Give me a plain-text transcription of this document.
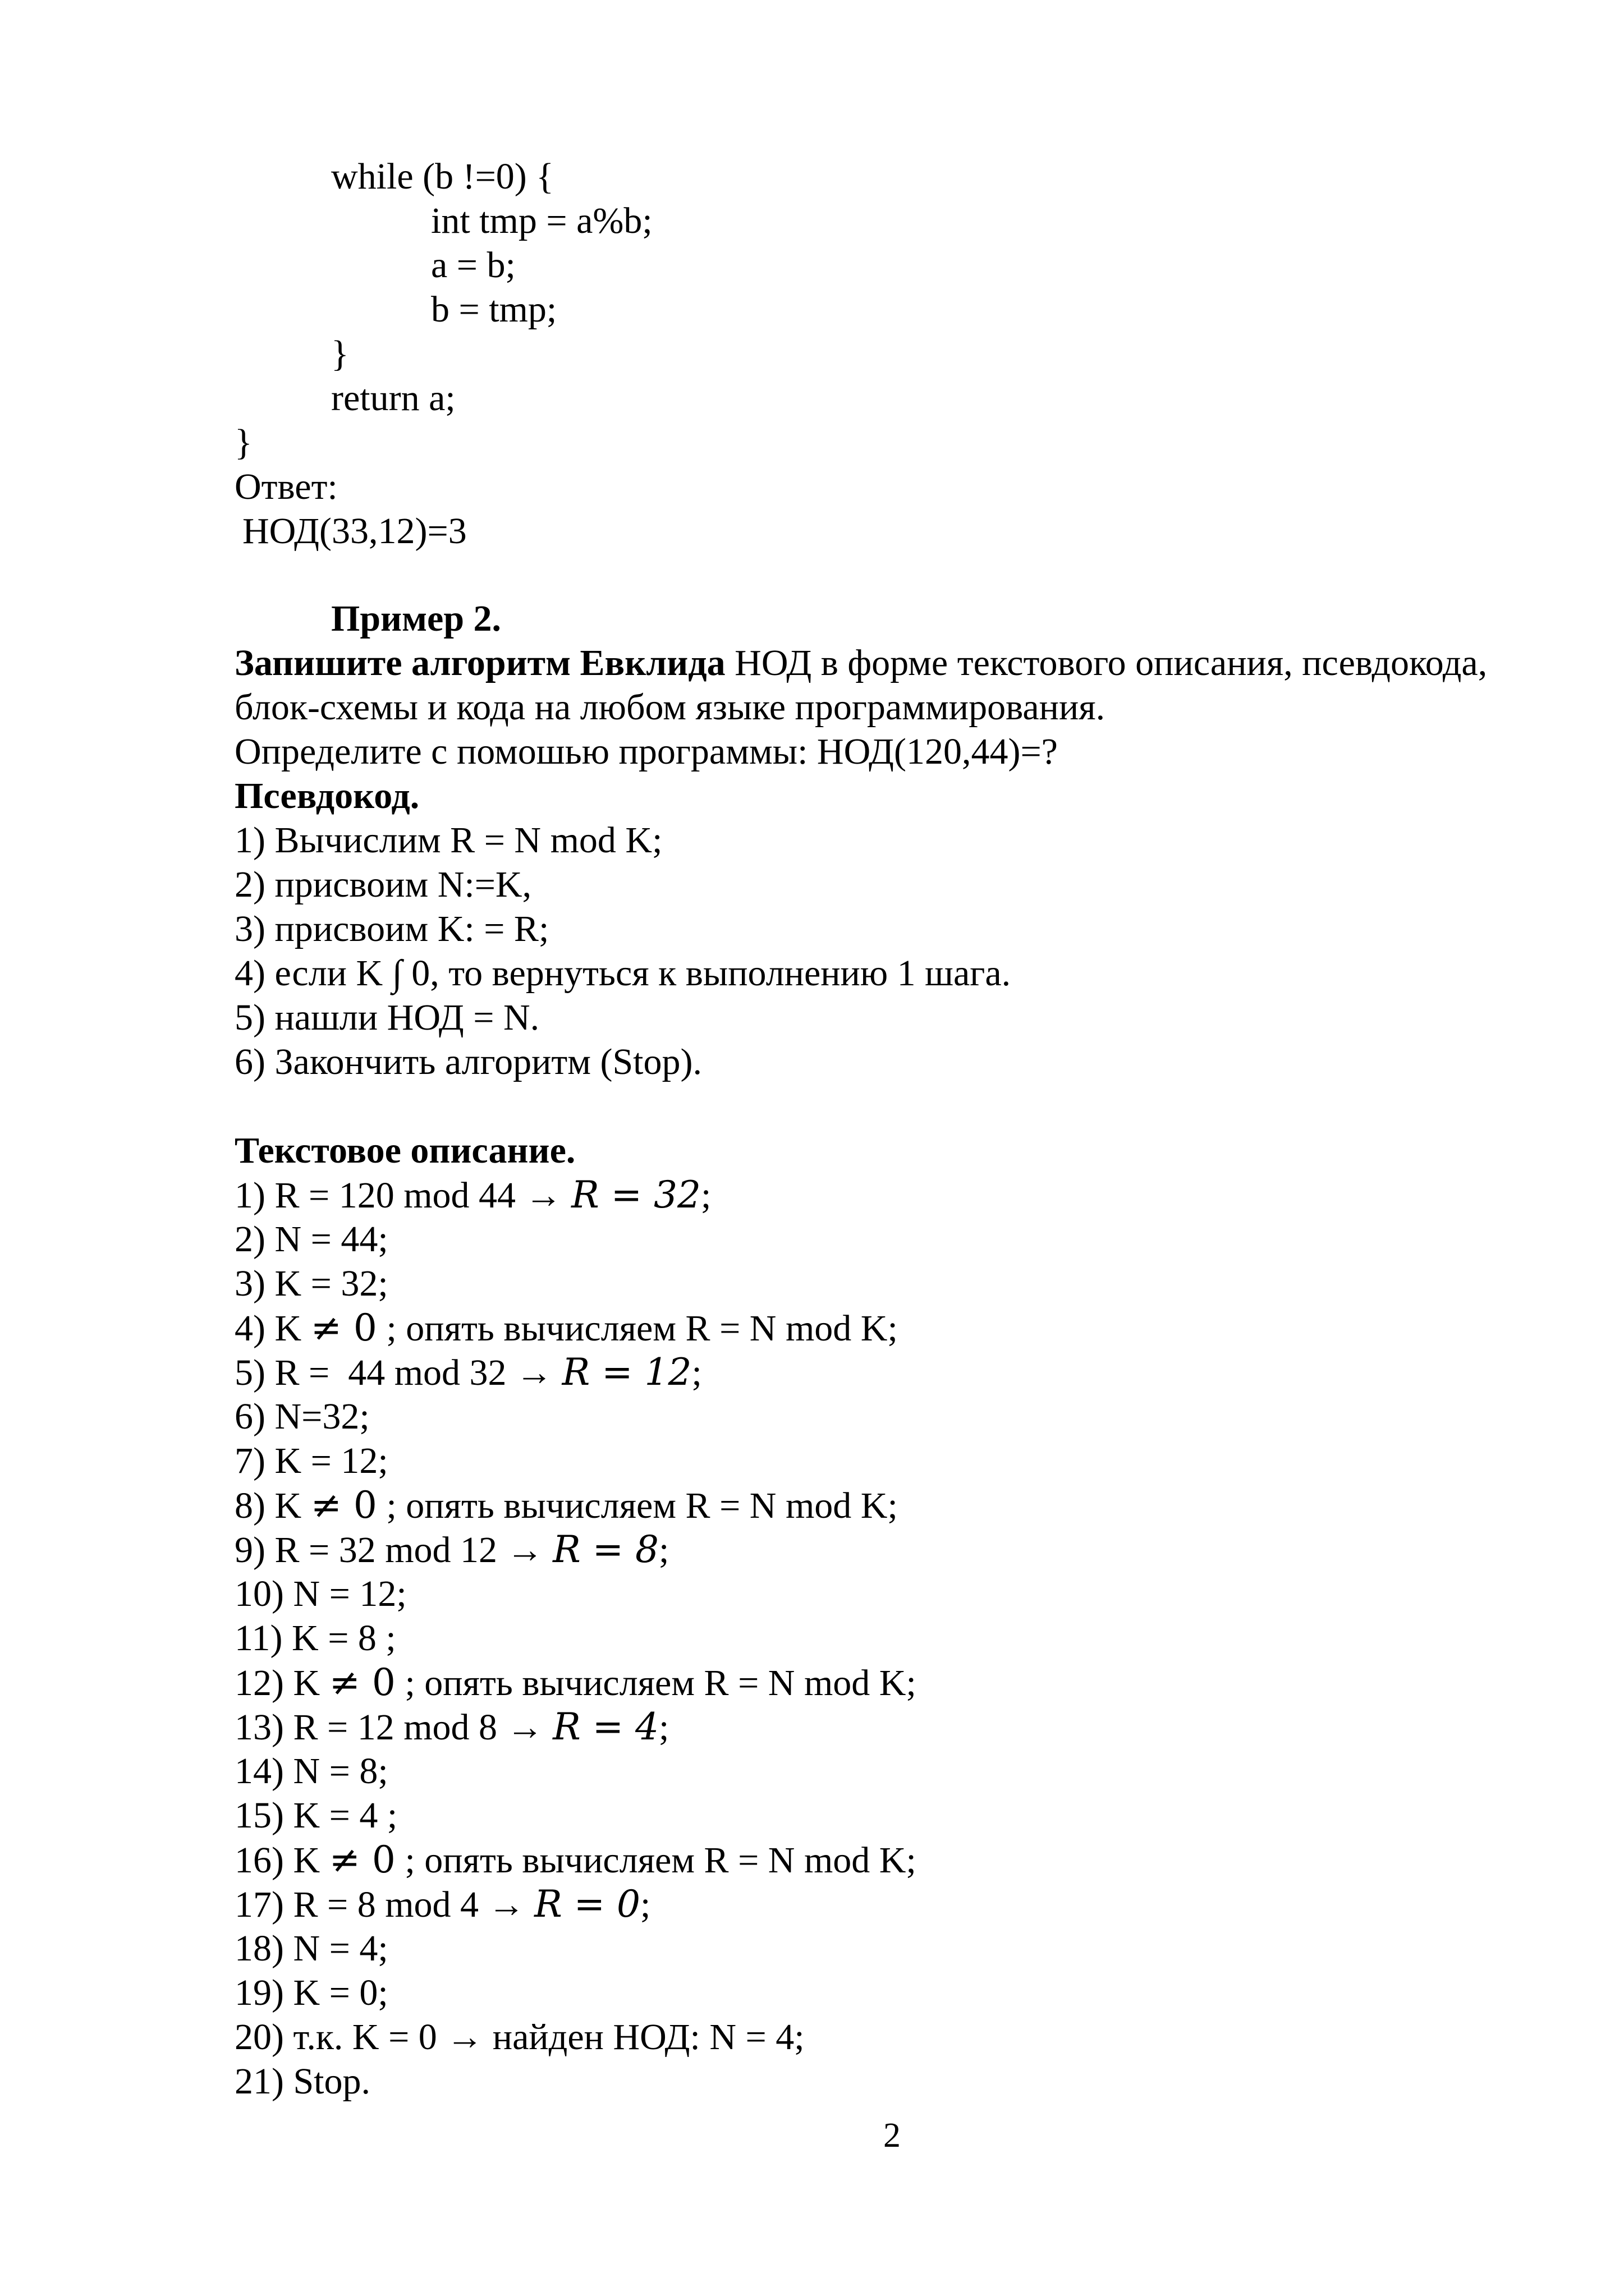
while (b !=0) {
int tmp = a%b;
a = b;
b = tmp;
}
return a;
}
Ответ:
НОД(33,12)=3
Пример 2.
Запишите алгоритм Евклида НОД в форме текстового описания, псевдокода,
блок-схемы и кода на любом языке программирования.
Определите с помошью программы: НОД(120,44)=?
Псевдокод.
1) Вычислим R = N mod K;
2) присвоим N:=K,
3) присвоим K: = R;
4) если K ∫ 0, то вернуться к выполнению 1 шага.
5) нашли НОД = N.
6) Закончить алгоритм (Stop).
Текстовое описание.
1) R = 120 mod 44 → R = 32;
2) N = 44;
3) K = 32;
4) K ≠ 0 ; опять вычисляем R = N mod K;
5) R =  44 mod 32 → R = 12;
6) N=32;
7) K = 12;
8) K ≠ 0 ; опять вычисляем R = N mod K;
9) R = 32 mod 12 → R = 8;
10) N = 12;
11) K = 8 ;
12) K ≠ 0 ; опять вычисляем R = N mod K;
13) R = 12 mod 8 → R = 4;
14) N = 8;
15) K = 4 ;
16) K ≠ 0 ; опять вычисляем R = N mod K;
17) R = 8 mod 4 → R = 0;
18) N = 4;
19) K = 0;
20) т.к. K = 0 → найден НОД: N = 4;
21) Stop.
2
